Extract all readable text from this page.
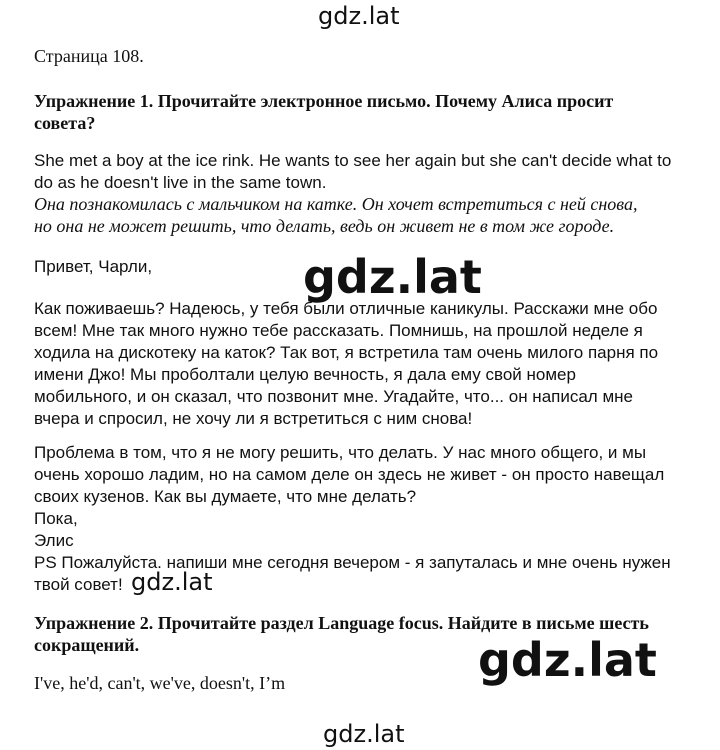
gdz.lat
Страница 108.
Упражнение 1. Прочитайте электронное письмо. Почему Алиса просит
совета?
She met a boy at the ice rink. He wants to see her again but she can't decide what to
do as he doesn't live in the same town.
Она познакомилась с мальчиком на катке. Он хочет встретиться с ней снова,
но она не может решить, что делать, ведь он живет не в том же городе.
Привет, Чарли,	gdz.lat
Как поживаешь? Надеюсь, у тебя были отличные каникулы. Расскажи мне обо
всем! Мне так много нужно тебе рассказать. Помнишь, на прошлой неделе я
ходила на дискотеку на каток? Так вот, я встретила там очень милого парня по
имени Джо! Мы проболтали целую вечность, я дала ему свой номер
мобильного, и он сказал, что позвонит мне. Угадайте, что... он написал мне
вчера и спросил, не хочу ли я встретиться с ним снова!
Проблема в том, что я не могу решить, что делать. У нас много общего, и мы
очень хорошо ладим, но на самом деле он здесь не живет - он просто навещал
своих кузенов. Как вы думаете, что мне делать?
Пока,
Элис
PS Пожалуйста. напиши мне сегодня вечером - я запуталась и мне очень нужен
твой совет! gdz.lat
Упражнение 2. Прочитайте раздел Language focus. Найдите в письме шесть
сокращений.	gdz.lat
I've, he'd, can't, we've, doesn't, I’m
gdz.lat
